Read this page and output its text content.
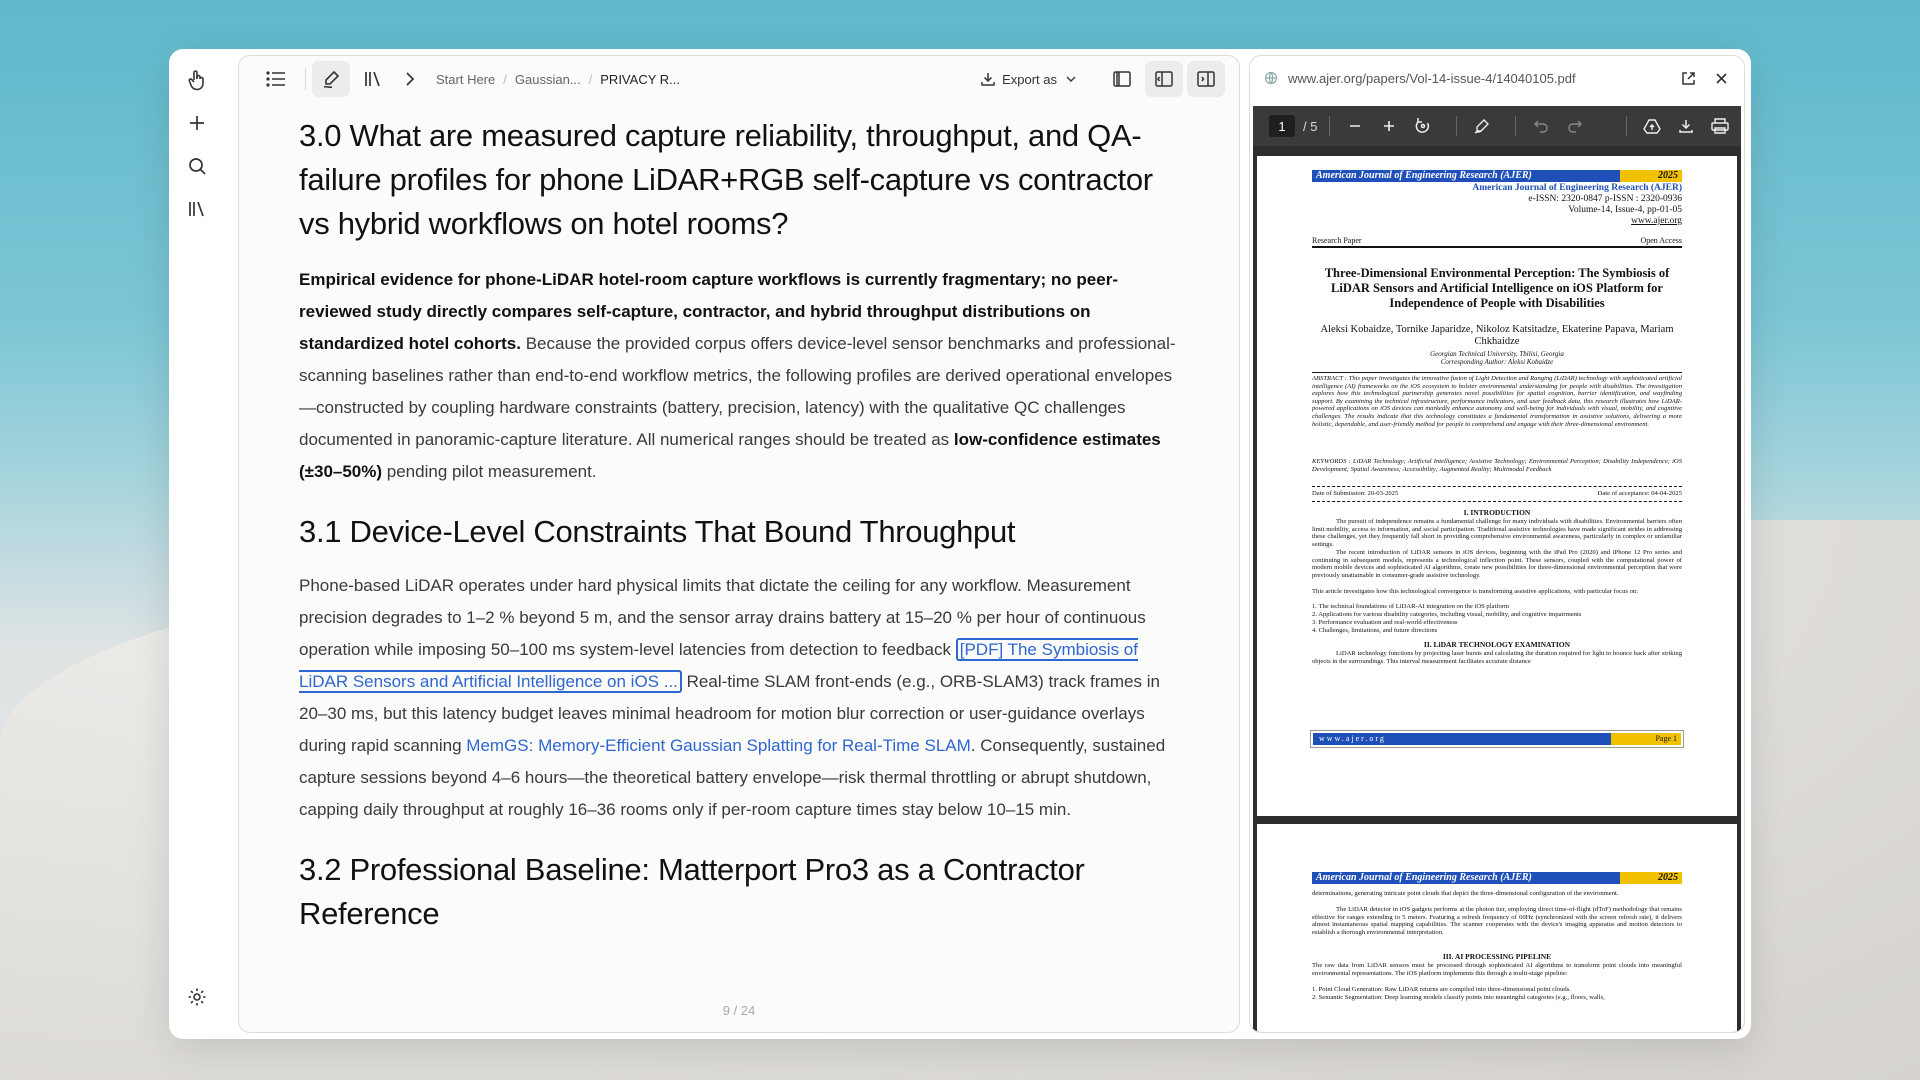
Start Here / Gaussian... / PRIVACY R...	Export as
3.0 What are measured capture reliability, throughput, and QA-failure profiles for phone LiDAR+RGB self-capture vs contractor vs hybrid workflows on hotel rooms?

Empirical evidence for phone-LiDAR hotel-room capture workflows is currently fragmentary; no peer-reviewed study directly compares self-capture, contractor, and hybrid throughput distributions on standardized hotel cohorts. Because the provided corpus offers device-level sensor benchmarks and professional-scanning baselines rather than end-to-end workflow metrics, the following profiles are derived operational envelopes—constructed by coupling hardware constraints (battery, precision, latency) with the qualitative QC challenges documented in panoramic-capture literature. All numerical ranges should be treated as low-confidence estimates (±30–50%) pending pilot measurement.

3.1 Device-Level Constraints That Bound Throughput

Phone-based LiDAR operates under hard physical limits that dictate the ceiling for any workflow. Measurement precision degrades to 1–2 % beyond 5 m, and the sensor array drains battery at 15–20 % per hour of continuous operation while imposing 50–100 ms system-level latencies from detection to feedback [PDF] The Symbiosis of LiDAR Sensors and Artificial Intelligence on iOS ... Real-time SLAM front-ends (e.g., ORB-SLAM3) track frames in 20–30 ms, but this latency budget leaves minimal headroom for motion blur correction or user-guidance overlays during rapid scanning MemGS: Memory-Efficient Gaussian Splatting for Real-Time SLAM. Consequently, sustained capture sessions beyond 4–6 hours—the theoretical battery envelope—risk thermal throttling or abrupt shutdown, capping daily throughput at roughly 16–36 rooms only if per-room capture times stay below 10–15 min.

3.2 Professional Baseline: Matterport Pro3 as a Contractor Reference
9 / 24
www.ajer.org/papers/Vol-14-issue-4/14040105.pdf
1	/ 5
American Journal of Engineering Research (AJER)	2025
American Journal of Engineering Research (AJER)
e-ISSN: 2320-0847 p-ISSN : 2320-0936
Volume-14, Issue-4, pp-01-05
www.ajer.org
Research Paper	Open Access
Three-Dimensional Environmental Perception: The Symbiosis of LiDAR Sensors and Artificial Intelligence on iOS Platform for Independence of People with Disabilities
Aleksi Kobaidze, Tornike Japaridze, Nikoloz Katsitadze, Ekaterine Papava, Mariam Chkhaidze
Georgian Technical University, Tbilisi, Georgia
Corresponding Author: Aleksi Kobaidze
ABSTRACT : This paper investigates the innovative fusion of Light Detection and Ranging (LiDAR) technology with sophisticated artificial intelligence (AI) frameworks on the iOS ecosystem to bolster environmental understanding for people with disabilities. The investigation explores how this technological partnership generates novel possibilities for spatial cognition, barrier identification, and wayfinding support. By examining the technical infrastructure, performance indicators, and user feedback data, this research illustrates how LiDAR-powered applications on iOS devices can markedly enhance autonomy and well-being for individuals with visual, mobility, and cognitive challenges. The results indicate that this technology constitutes a fundamental transformation in assistive solutions, delivering a more holistic, dependable, and user-friendly method for people to comprehend and engage with their three-dimensional environment.
KEYWORDS : LiDAR Technology; Artificial Intelligence; Assistive Technology; Environmental Perception; Disability Independence; iOS Development; Spatial Awareness; Accessibility; Augmented Reality; Multimodal Feedback
Date of Submission: 20-03-2025	Date of acceptance: 04-04-2025
I. INTRODUCTION
The pursuit of independence remains a fundamental challenge for many individuals with disabilities. Environmental barriers often limit mobility, access to information, and social participation. Traditional assistive technologies have made significant strides in addressing these challenges, yet they frequently fall short in providing comprehensive environmental awareness, particularly in complex or unfamiliar settings.
The recent introduction of LiDAR sensors in iOS devices, beginning with the iPad Pro (2020) and iPhone 12 Pro series and continuing in subsequent models, represents a technological inflection point. These sensors, coupled with the computational power of modern mobile devices and sophisticated AI algorithms, create new possibilities for three-dimensional environmental perception that were previously unattainable in consumer-grade assistive technology.
This article investigates how this technological convergence is transforming assistive applications, with particular focus on:
1. The technical foundations of LiDAR-AI integration on the iOS platform
2. Applications for various disability categories, including visual, mobility, and cognitive impairments
3. Performance evaluation and real-world effectiveness
4. Challenges, limitations, and future directions
II. LiDAR TECHNOLOGY EXAMINATION
LiDAR technology functions by projecting laser bursts and calculating the duration required for light to bounce back after striking objects in the surroundings. This interval measurement facilitates accurate distance
www.ajer.org	Page 1
American Journal of Engineering Research (AJER)	2025
determinations, generating intricate point clouds that depict the three-dimensional configuration of the environment.
The LiDAR detector in iOS gadgets performs at the photon tier, employing direct time-of-flight (dToF) methodology that remains effective for ranges extending to 5 meters. Featuring a refresh frequency of 60Hz (synchronized with the screen refresh rate), it delivers almost instantaneous spatial mapping capabilities. The scanner cooperates with the device's imaging apparatus and motion detectors to establish a thorough environmental interpretation.
III. AI PROCESSING PIPELINE
The raw data from LiDAR sensors must be processed through sophisticated AI algorithms to transform point clouds into meaningful environmental representations. The iOS platform implements this through a multi-stage pipeline:
1. Point Cloud Generation: Raw LiDAR returns are compiled into three-dimensional point clouds.
2. Semantic Segmentation: Deep learning models classify points into meaningful categories (e.g., floors, walls,
